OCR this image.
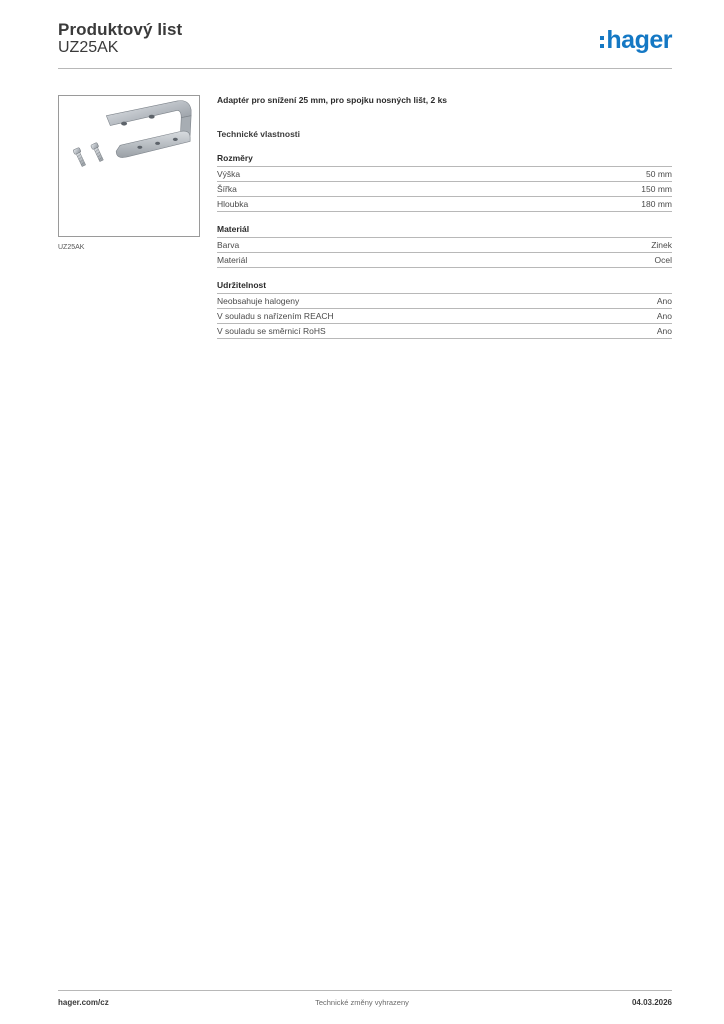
Produktový list
UZ25AK	hager
UZ25AK
Adaptér pro snížení 25 mm, pro spojku nosných lišt, 2 ks
Technické vlastnosti
Rozměry
Výška	50 mm
Šířka	150 mm
Hloubka	180 mm
Materiál
Barva	Zinek
Materiál	Ocel
Udržitelnost
Neobsahuje halogeny	Ano
V souladu s nařízením REACH	Ano
V souladu se směrnicí RoHS	Ano
hager.com/cz	Technické změny vyhrazeny	04.03.2026
